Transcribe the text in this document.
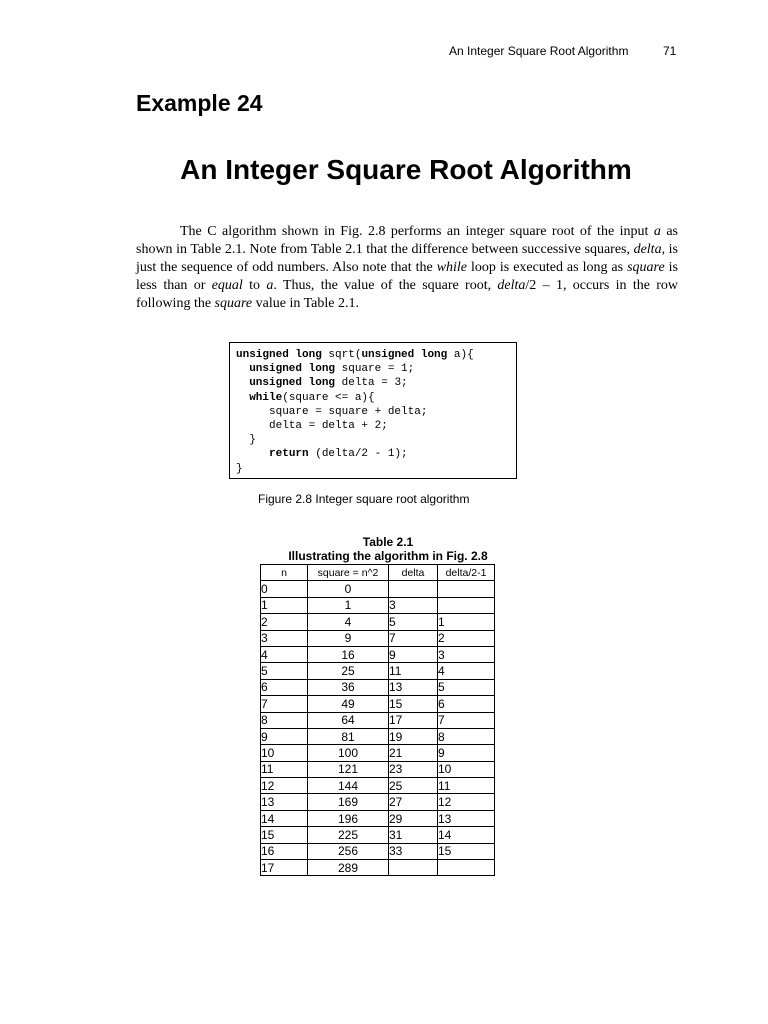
An Integer Square Root Algorithm	71
Example 24
An Integer Square Root Algorithm

The C algorithm shown in Fig. 2.8 performs an integer square root of the input a as shown in Table 2.1. Note from Table 2.1 that the difference between successive squares, delta, is just the sequence of odd numbers. Also note that the while loop is executed as long as square is less than or equal to a. Thus, the value of the square root, delta/2 – 1, occurs in the row following the square value in Table 2.1.

unsigned long sqrt(unsigned long a){
unsigned long square = 1;
unsigned long delta = 3;
while(square <= a){
square = square + delta;
delta = delta + 2;
}
return (delta/2 - 1);
}

Figure 2.8 Integer square root algorithm

Table 2.1
Illustrating the algorithm in Fig. 2.8
n	square = n^2	delta	delta/2-1
0	0		
1	1	3	
2	4	5	1
3	9	7	2
4	16	9	3
5	25	11	4
6	36	13	5
7	49	15	6
8	64	17	7
9	81	19	8
10	100	21	9
11	121	23	10
12	144	25	11
13	169	27	12
14	196	29	13
15	225	31	14
16	256	33	15
17	289		
